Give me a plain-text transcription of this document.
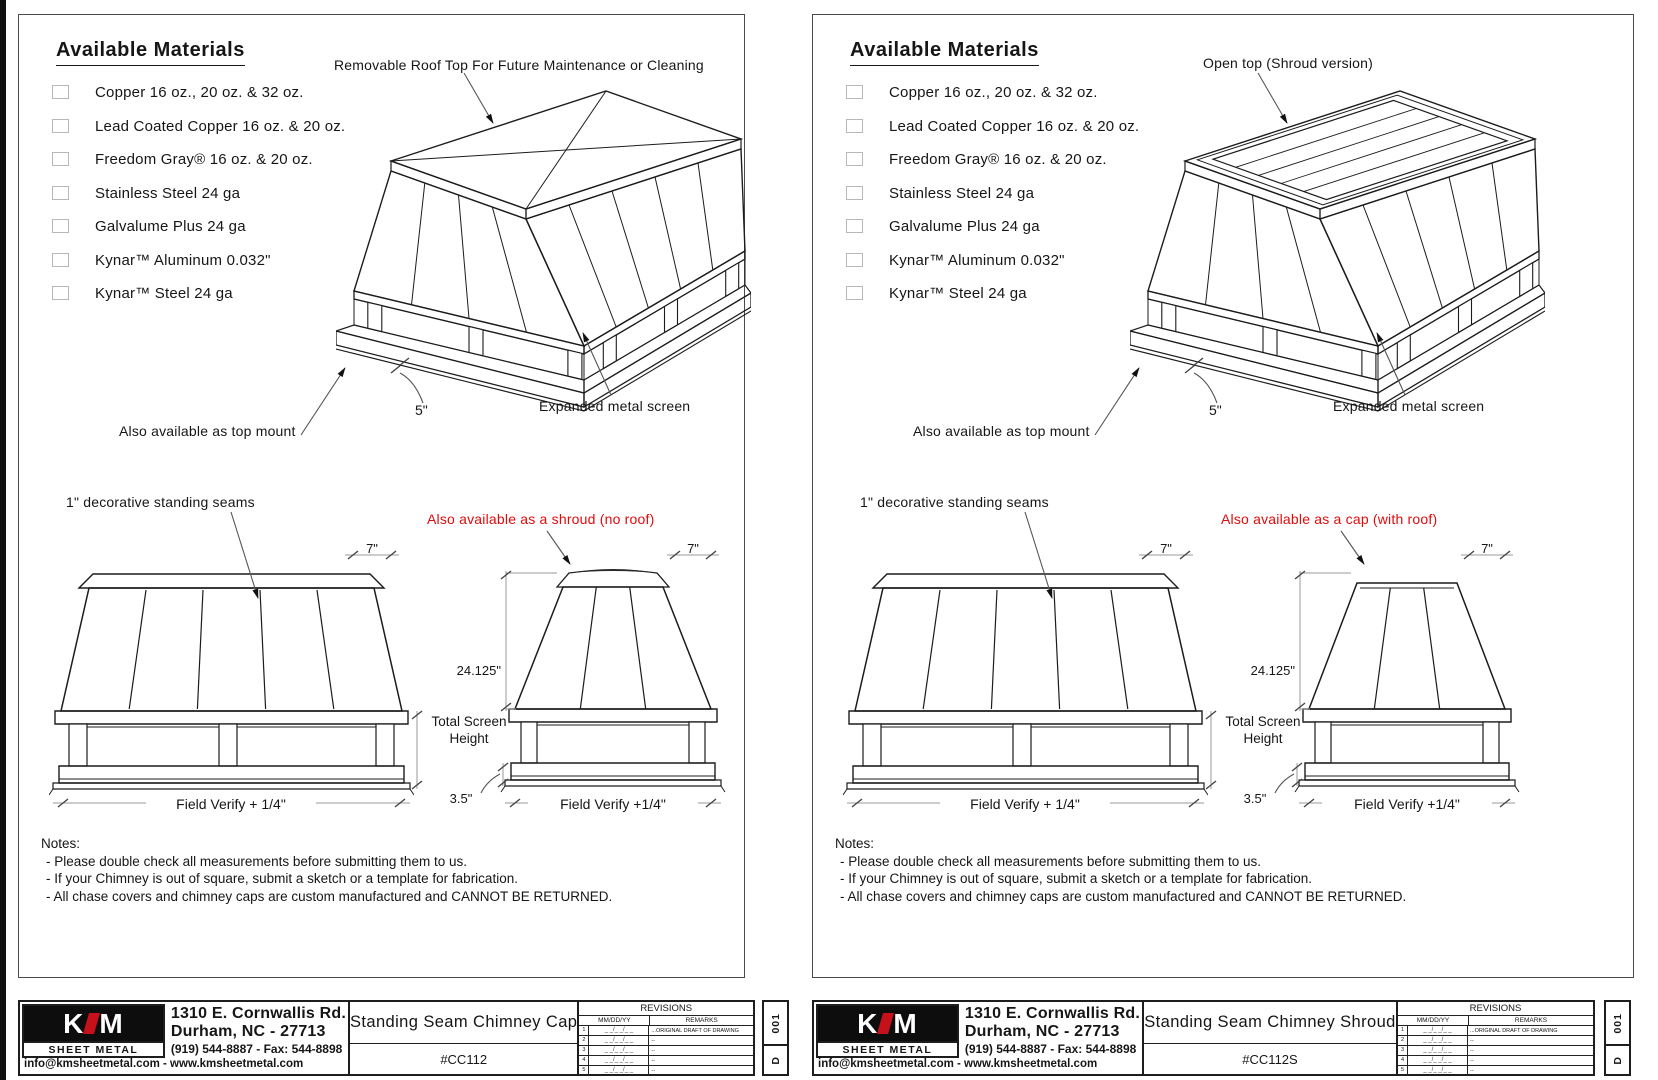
Available Materials
Copper 16 oz., 20 oz. & 32 oz.
Lead Coated Copper 16 oz. & 20 oz.
Freedom Gray® 16 oz. & 20 oz.
Stainless Steel 24 ga
Galvalume Plus 24 ga
Kynar™ Aluminum 0.032"
Kynar™ Steel 24 ga
Removable Roof Top For Future Maintenance or Cleaning
Also available as top mount
5"	Expanded metal screen
1" decorative standing seams
Also available as a shroud (no roof)
7"	7"
24.125"
Total Screen Height
3.5"
Field Verify + 1/4"	Field Verify +1/4"
Notes:
- Please double check all measurements before submitting them to us.
- If your Chimney is out of square, submit a sketch or a template for fabrication.
- All chase covers and chimney caps are custom manufactured and CANNOT BE RETURNED.
K M
SHEET METAL
1310 E. Cornwallis Rd.
Durham, NC - 27713
(919) 544-8887 - Fax: 544-8898
info@kmsheetmetal.com - www.kmsheetmetal.com
Standing Seam Chimney Cap
#CC112
REVISIONS
MM/DD/YY	REMARKS
1	_ _/_ _/_ _	...ORIGINAL DRAFT OF DRAWING
2	_ _/_ _/_ _	--
3	_ _/_ _/_ _	--
4	_ _/_ _/_ _	--
5	_ _/_ _/_ _	--
001
D
Available Materials
Copper 16 oz., 20 oz. & 32 oz.
Lead Coated Copper 16 oz. & 20 oz.
Freedom Gray® 16 oz. & 20 oz.
Stainless Steel 24 ga
Galvalume Plus 24 ga
Kynar™ Aluminum 0.032"
Kynar™ Steel 24 ga
Open top (Shroud version)
Also available as top mount
5"	Expanded metal screen
1" decorative standing seams
Also available as a cap (with roof)
7"	7"
24.125"
Total Screen Height
3.5"
Field Verify + 1/4"	Field Verify +1/4"
Notes:
- Please double check all measurements before submitting them to us.
- If your Chimney is out of square, submit a sketch or a template for fabrication.
- All chase covers and chimney caps are custom manufactured and CANNOT BE RETURNED.
K M
SHEET METAL
1310 E. Cornwallis Rd.
Durham, NC - 27713
(919) 544-8887 - Fax: 544-8898
info@kmsheetmetal.com - www.kmsheetmetal.com
Standing Seam Chimney Shroud
#CC112S
REVISIONS
MM/DD/YY	REMARKS
1	_ _/_ _/_ _	...ORIGINAL DRAFT OF DRAWING
2	_ _/_ _/_ _	--
3	_ _/_ _/_ _	--
4	_ _/_ _/_ _	--
5	_ _/_ _/_ _	--
001
D
